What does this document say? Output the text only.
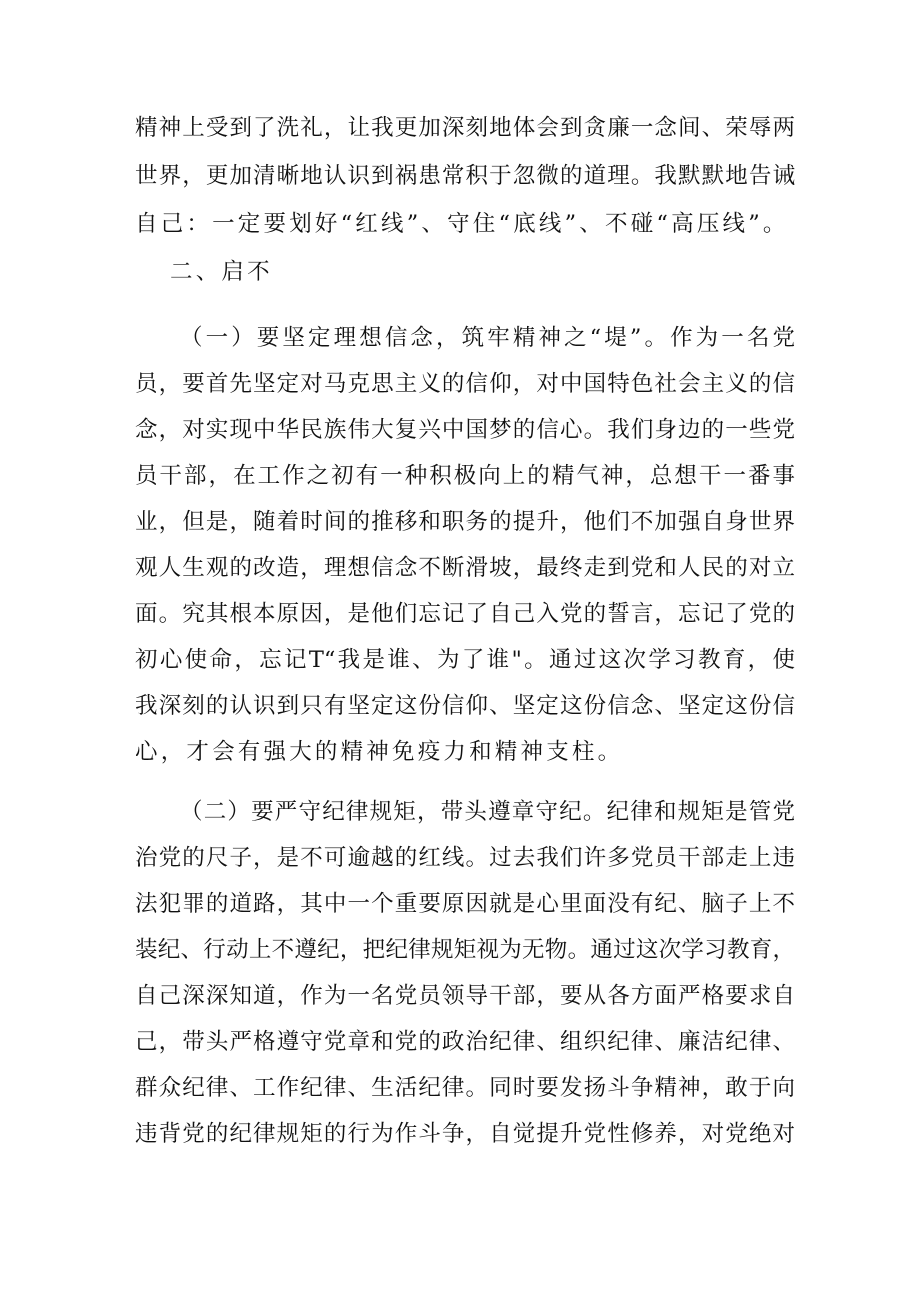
精神上受到了洗礼，让我更加深刻地体会到贪廉一念间、荣辱两
世界，更加清晰地认识到祸患常积于忽微的道理。我默默地告诫
自己：一定要划好“红线”、守住“底线”、不碰“高压线”。
二、启不
（一）要坚定理想信念，筑牢精神之“堤”。作为一名党
员，要首先坚定对马克思主义的信仰，对中国特色社会主义的信
念，对实现中华民族伟大复兴中国梦的信心。我们身边的一些党
员干部，在工作之初有一种积极向上的精气神，总想干一番事
业，但是，随着时间的推移和职务的提升，他们不加强自身世界
观人生观的改造，理想信念不断滑坡，最终走到党和人民的对立
面。究其根本原因，是他们忘记了自己入党的誓言，忘记了党的
初心使命，忘记T“我是谁、为了谁"。通过这次学习教育，使
我深刻的认识到只有坚定这份信仰、坚定这份信念、坚定这份信
心，才会有强大的精神免疫力和精神支柱。
（二）要严守纪律规矩，带头遵章守纪。纪律和规矩是管党
治党的尺子，是不可逾越的红线。过去我们许多党员干部走上违
法犯罪的道路，其中一个重要原因就是心里面没有纪、脑子上不
装纪、行动上不遵纪，把纪律规矩视为无物。通过这次学习教育，
自己深深知道，作为一名党员领导干部，要从各方面严格要求自
己，带头严格遵守党章和党的政治纪律、组织纪律、廉洁纪律、
群众纪律、工作纪律、生活纪律。同时要发扬斗争精神，敢于向
违背党的纪律规矩的行为作斗争，自觉提升党性修养，对党绝对
